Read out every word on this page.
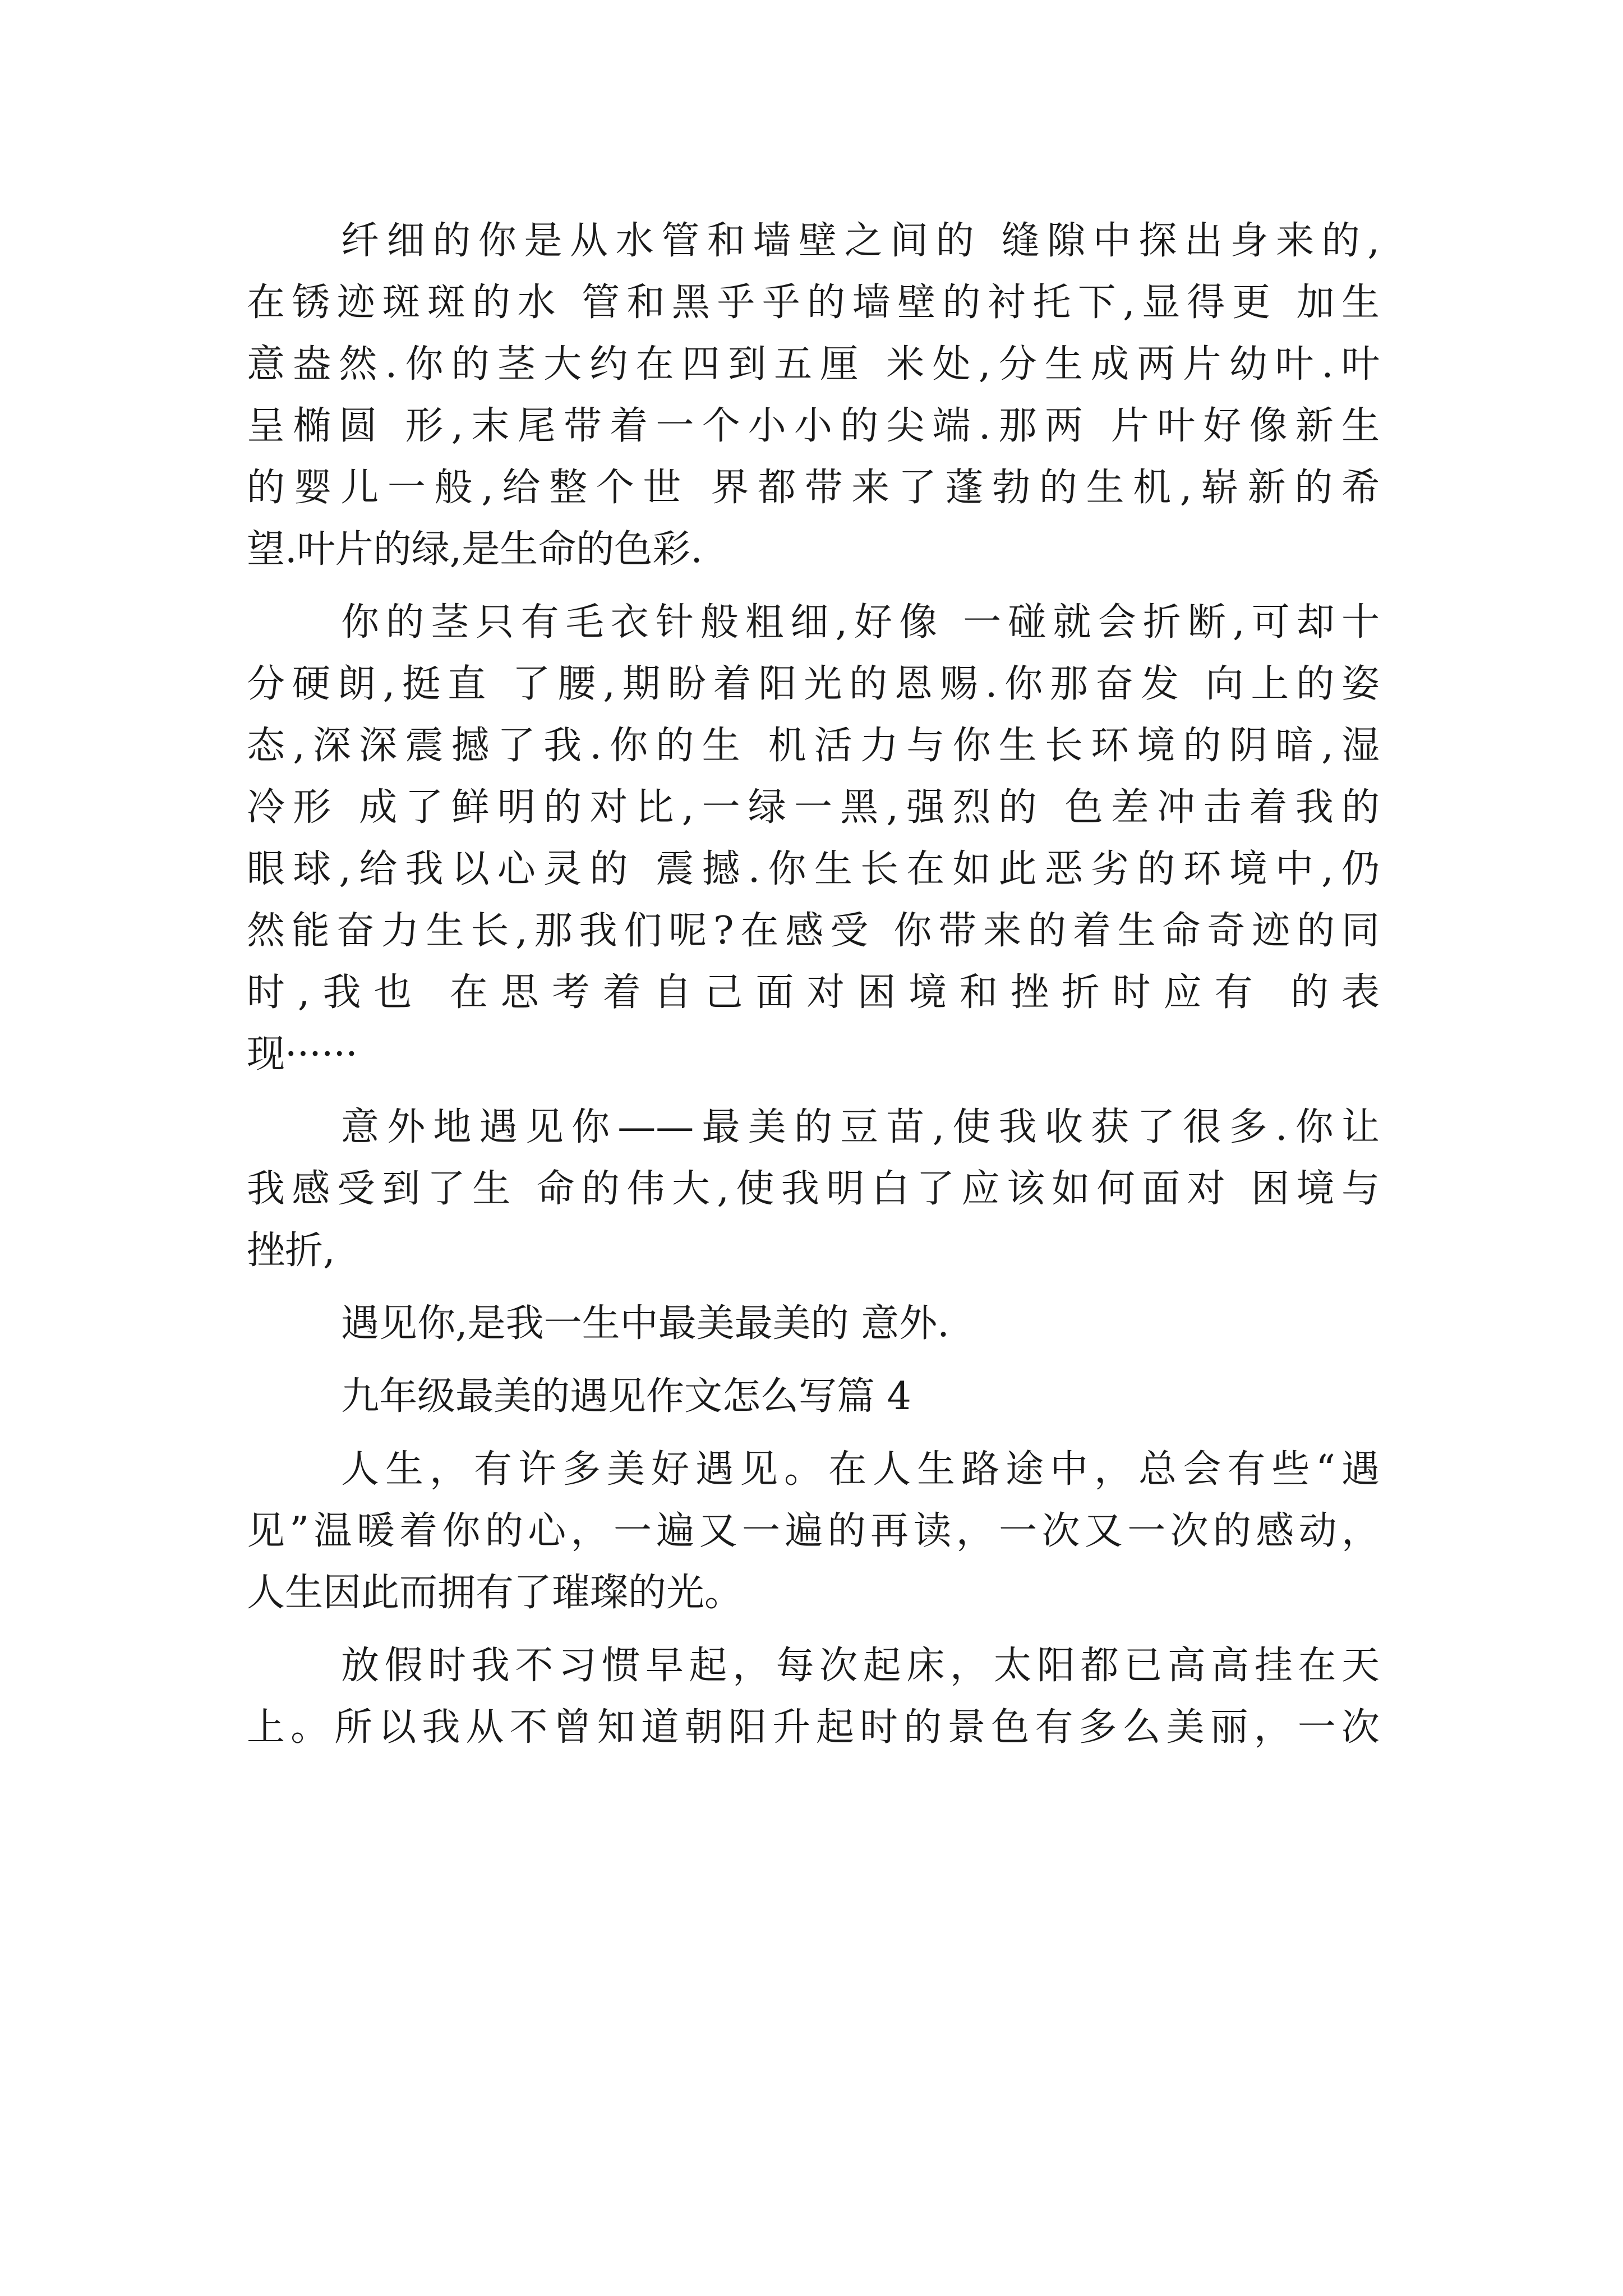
纤细的你是从水管和墙壁之间的 缝隙中探出身来的,
在锈迹斑斑的水 管和黑乎乎的墙壁的衬托下,显得更 加生
意盎然.你的茎大约在四到五厘 米处,分生成两片幼叶.叶
呈椭圆 形,末尾带着一个小小的尖端.那两 片叶好像新生
的婴儿一般,给整个世 界都带来了蓬勃的生机,崭新的希
望.叶片的绿,是生命的色彩.
你的茎只有毛衣针般粗细,好像 一碰就会折断,可却十
分硬朗,挺直 了腰,期盼着阳光的恩赐.你那奋发 向上的姿
态,深深震撼了我.你的生 机活力与你生长环境的阴暗,湿
冷形 成了鲜明的对比,一绿一黑,强烈的 色差冲击着我的
眼球,给我以心灵的 震撼.你生长在如此恶劣的环境中,仍
然能奋力生长,那我们呢?在感受 你带来的着生命奇迹的同
时,我也 在思考着自己面对困境和挫折时应有 的表
现······
意外地遇见你——最美的豆苗,使我收获了很多.你让
我感受到了生 命的伟大,使我明白了应该如何面对 困境与
挫折,
遇见你,是我一生中最美最美的 意外.
九年级最美的遇见作文怎么写篇 4
人生，有许多美好遇见。在人生路途中，总会有些“遇
见”温暖着你的心，一遍又一遍的再读，一次又一次的感动，
人生因此而拥有了璀璨的光。
放假时我不习惯早起，每次起床，太阳都已高高挂在天
上。所以我从不曾知道朝阳升起时的景色有多么美丽，一次
